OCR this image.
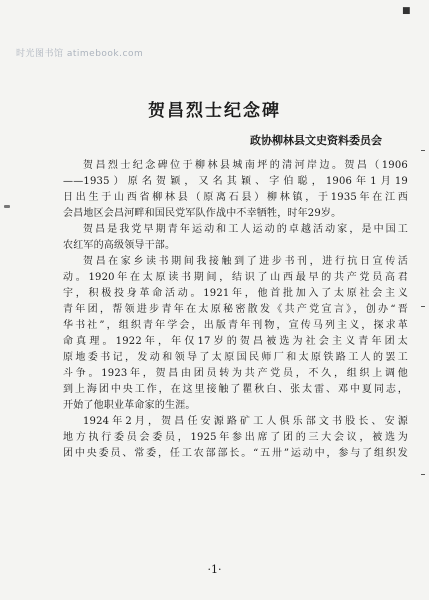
■
时光图书馆 atimebook.com
贺昌烈士纪念碑
政协柳林县文史资料委员会
贺昌烈士纪念碑位于柳林县城南坪的清河岸边。贺昌（1906
——1935）原名贺颖，又名其颖、字伯聪，1906年1月19
日出生于山西省柳林县（原离石县）柳林镇，于1935年在江西
会昌地区会昌河畔和国民党军队作战中不幸牺牲，时年29岁。
贺昌是我党早期青年运动和工人运动的卓越活动家，是中国工
农红军的高级领导干部。
贺昌在家乡读书期间我接触到了进步书刊，进行抗日宣传活
动。1920年在太原读书期间，结识了山西最早的共产党员高君
宇，积极投身革命活动。1921年，他首批加入了太原社会主义
青年团，帮领进步青年在太原秘密散发《共产党宣言》，创办“晋
华书社”，组织青年学会，出版青年刊物，宣传马列主义，探求革
命真理。1922年，年仅17岁的贺昌被选为社会主义青年团太
原地委书记，发动和领导了太原国民师厂和太原铁路工人的罢工
斗争。1923年，贺昌由团员转为共产党员，不久，组织上调他
到上海团中央工作，在这里接触了瞿秋白、张太雷、邓中夏同志，
开始了他职业革命家的生涯。
1924年2月，贺昌任安源路矿工人俱乐部文书股长、安源
地方执行委员会委员，1925年参出席了团的三大会议，被选为
团中央委员、常委，任工农部部长。“五卅”运动中，参与了组织发
·1·
